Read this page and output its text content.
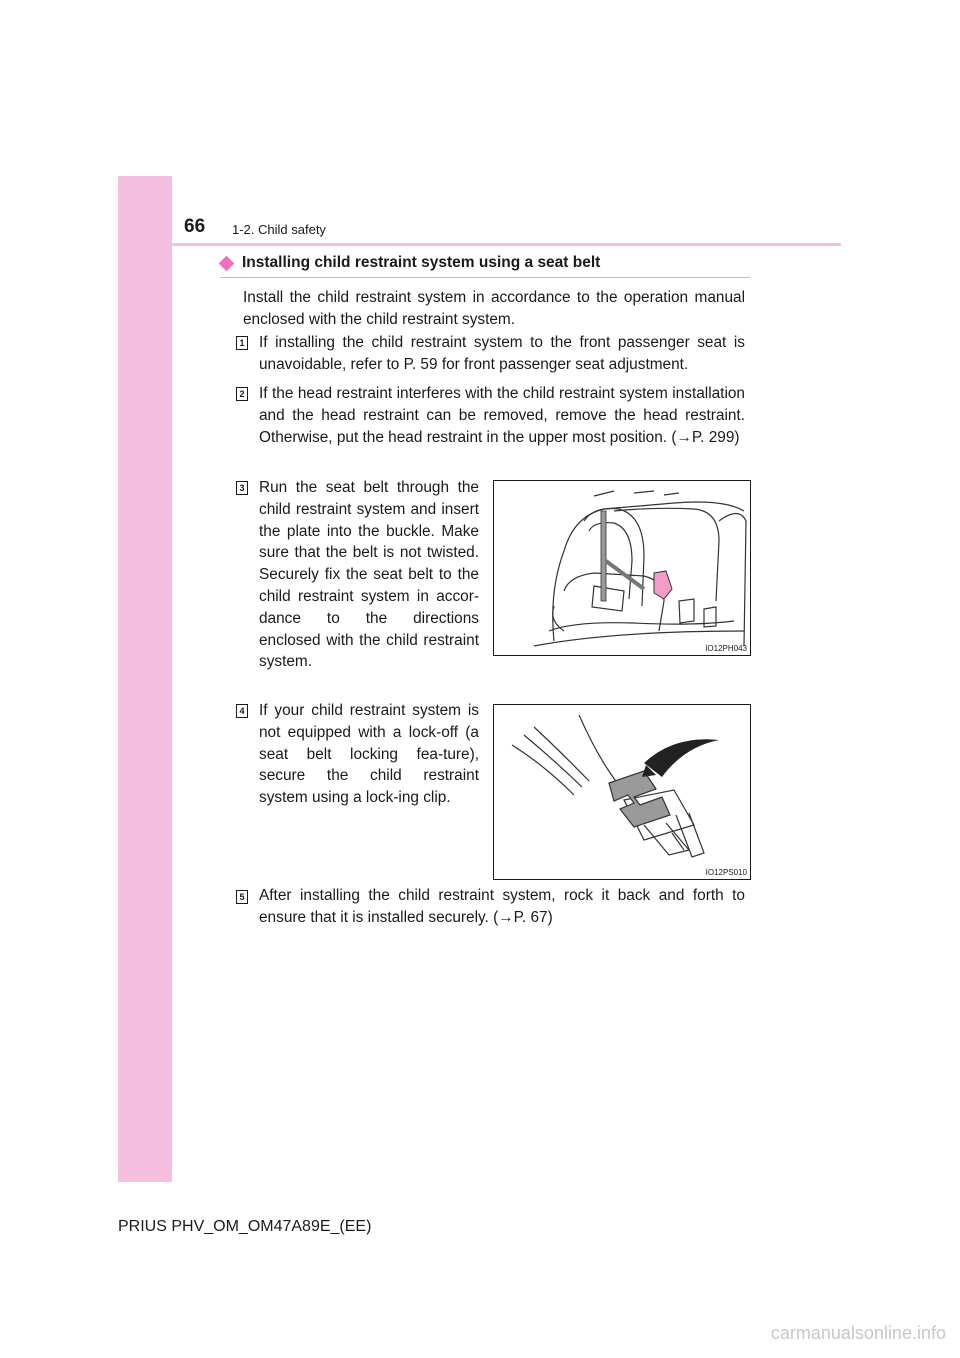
66 1-2. Child safety
Installing child restraint system using a seat belt
Install the child restraint system in accordance to the operation manual enclosed with the child restraint system.
1 If installing the child restraint system to the front passenger seat is unavoidable, refer to P. 59 for front passenger seat adjustment.
2 If the head restraint interferes with the child restraint system installation and the head restraint can be removed, remove the head restraint. Otherwise, put the head restraint in the upper most position. (→P. 299)
3 Run the seat belt through the child restraint system and insert the plate into the buckle. Make sure that the belt is not twisted. Securely fix the seat belt to the child restraint system in accor-dance to the directions enclosed with the child restraint system.
IO12PH043
4 If your child restraint system is not equipped with a lock-off (a seat belt locking fea-ture), secure the child restraint system using a lock-ing clip.
IO12PS010
5 After installing the child restraint system, rock it back and forth to ensure that it is installed securely. (→P. 67)
PRIUS PHV_OM_OM47A89E_(EE)
carmanualsonline.info
